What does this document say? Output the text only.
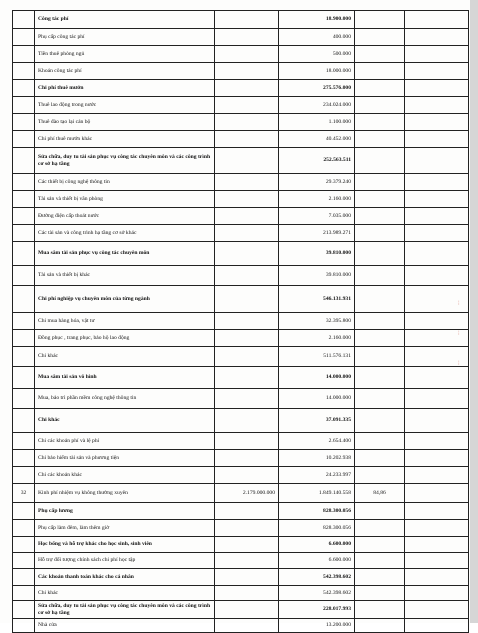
	Công tác phí		18.900.000		
	Phụ cấp công tác phí		400.000		
	Tiền thuê phòng ngủ		500.000		
	Khoán công tác phí		18.000.000		
	Chi phí thuê mướn		275.576.000		
	Thuê lao động trong nước		234.024.000		
	Thuê đào tạo lại cán bộ		1.100.000		
	Chi phí thuê mướn khác		40.452.000		
	Sửa chữa, duy tu tài sản phục vụ công tác chuyên môn và các công trình cơ sở hạ tầng		252.563.511		
	Các thiết bị công nghệ thông tin		29.379.240		
	Tài sản và thiết bị văn phòng		2.160.000		
	Đường điện cấp thoát nước		7.035.000		
	Các tài sản và công trình hạ tầng cơ sở khác		213.989.271		
	Mua sắm tài sản phục vụ công tác chuyên môn		39.810.000		
	Tài sản và thiết bị khác		39.810.000		
	Chi phí nghiệp vụ chuyên môn của từng ngành		546.131.931		
	Chi mua hàng hóa, vật tư		32.395.800		
	Đồng phục , trang phục, bảo hộ lao động		2.160.000		
	Chi khác		511.576.131		
	Mua sắm tài sản vô hình		14.000.000		
	Mua, bảo trì phần mềm công nghệ thông tin		14.000.000		
	Chi khác		37.091.335		
	Chi các khoản phí và lệ phí		2.654.400		
	Chi bảo hiểm tài sản và phương tiện		10.202.938		
	Chi các khoản khác		24.233.997		
32	Kinh phí nhiệm vụ không thường xuyên	2.179.000.000	1.849.140.558	84,86	
	Phụ cấp lương		828.300.056		
	Phụ cấp làm đêm, làm thêm giờ		828.300.056		
	Học bổng và hỗ trợ khác cho học sinh, sinh viên		6.600.000		
	Hỗ trợ đối tượng chính sách chi phí học tập		6.600.000		
	Các khoản thanh toán khác cho cá nhân		542.398.602		
	Chi khác		542.398.602		
	Sửa chữa, duy tu tài sản phục vụ công tác chuyên môn và các công trình cơ sở hạ tầng		228.017.993		
	Nhà cửa		13.200.000		
¦
¦
¦
